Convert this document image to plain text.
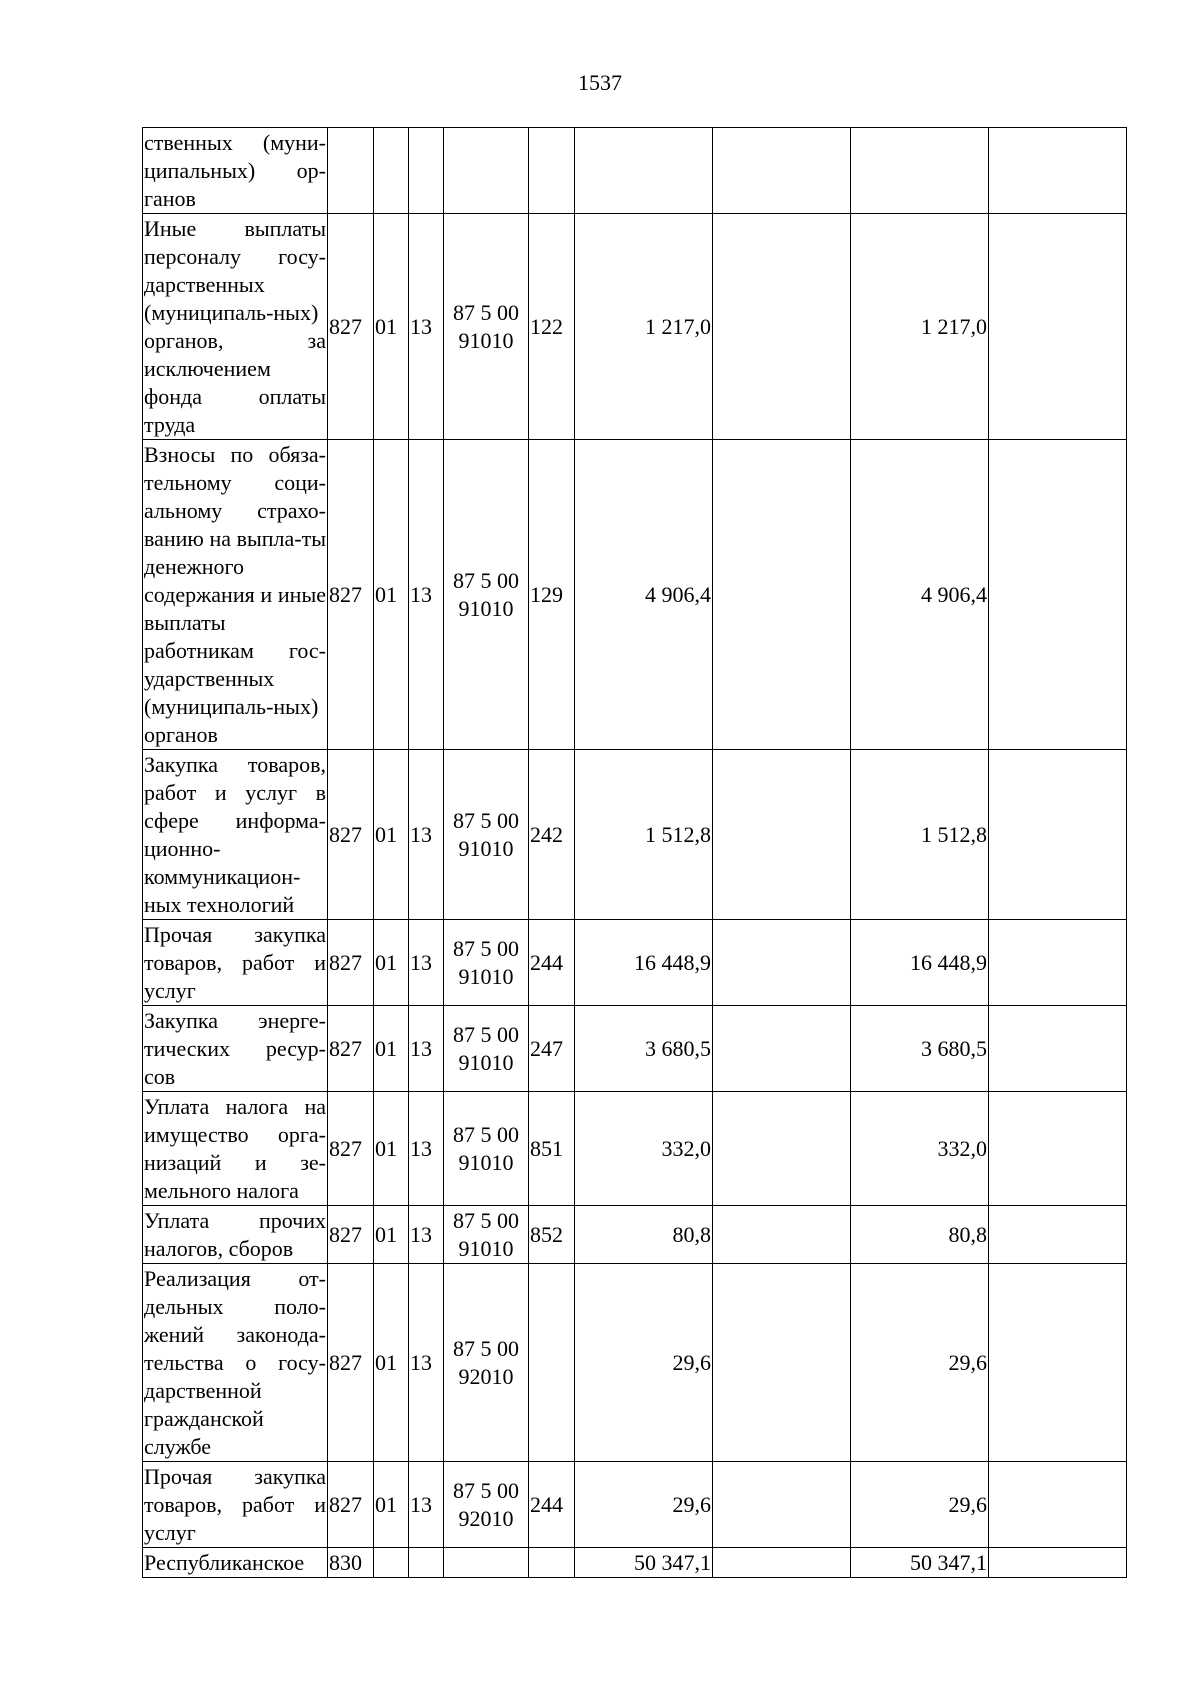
1537
ственных (муни-ципальных) ор-ганов									
Иные выплаты персоналу госу-дарственных (муниципаль-ных) органов, за исключением фонда оплаты труда	827	01	13	87 5 00 91010	122	1 217,0		1 217,0	
Взносы по обяза-тельному соци-альному страхо-ванию на выпла-ты денежного содержания и иные выплаты работникам гос-ударственных (муниципаль-ных) органов	827	01	13	87 5 00 91010	129	4 906,4		4 906,4	
Закупка товаров, работ и услуг в сфере информа-ционно-коммуникацион-ных технологий	827	01	13	87 5 00 91010	242	1 512,8		1 512,8	
Прочая закупка товаров, работ и услуг	827	01	13	87 5 00 91010	244	16 448,9		16 448,9	
Закупка энерге-тических ресур-сов	827	01	13	87 5 00 91010	247	3 680,5		3 680,5	
Уплата налога на имущество орга-низаций и зе-мельного налога	827	01	13	87 5 00 91010	851	332,0		332,0	
Уплата прочих налогов, сборов	827	01	13	87 5 00 91010	852	80,8		80,8	
Реализация от-дельных поло-жений законода-тельства о госу-дарственной гражданской службе	827	01	13	87 5 00 92010		29,6		29,6	
Прочая закупка товаров, работ и услуг	827	01	13	87 5 00 92010	244	29,6		29,6	
Республиканское	830					50 347,1		50 347,1	
